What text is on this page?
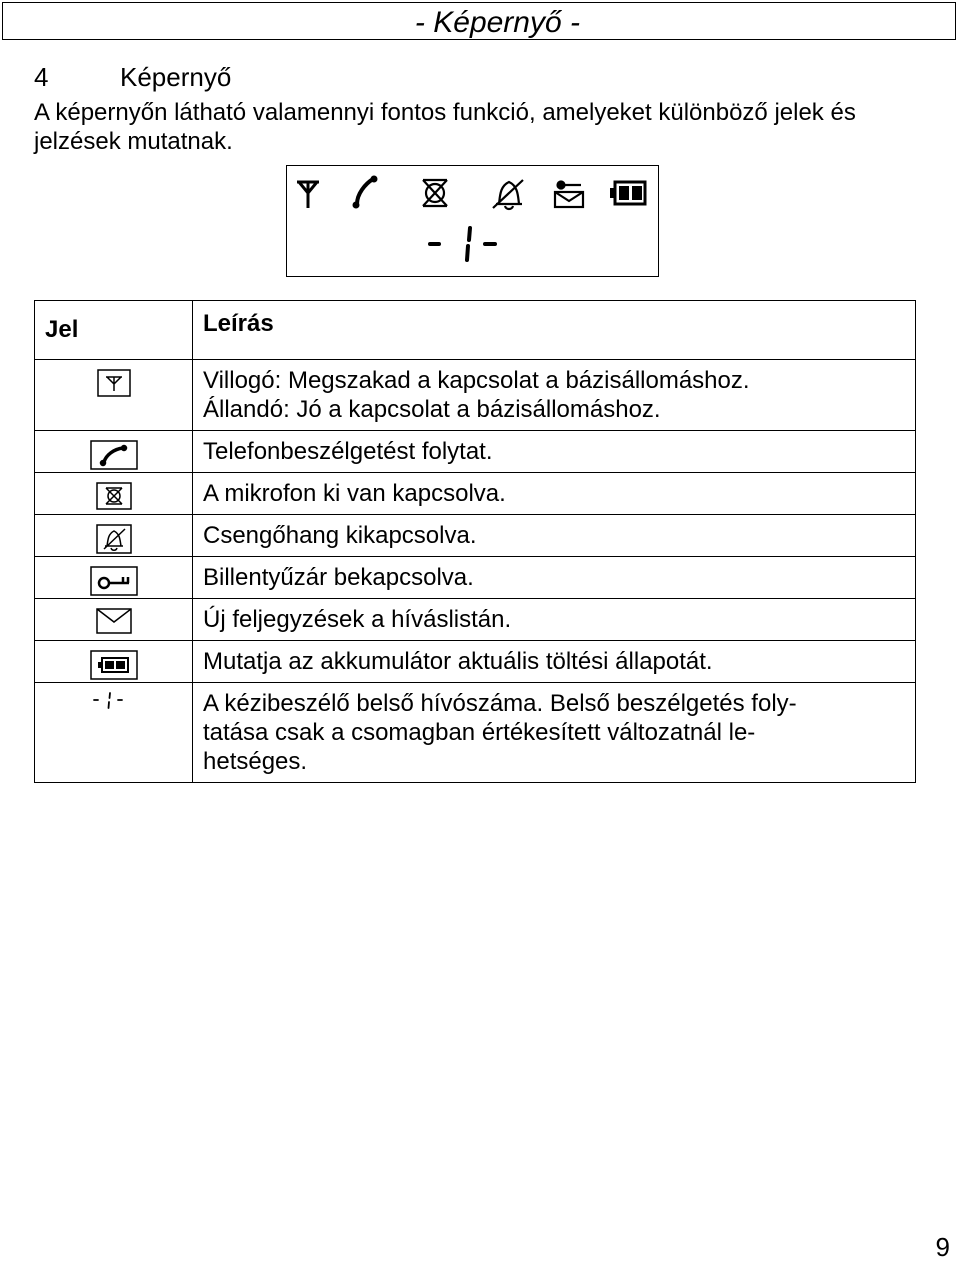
- Képernyő -
4	Képernyő
A képernyőn látható valamennyi fontos funkció, amelyeket különböző jelek és jelzések mutatnak.
Jel	Leírás

Villogó: Megszakad a kapcsolat a bázisállomáshoz.
Állandó: Jó a kapcsolat a bázisállomáshoz.

Telefonbeszélgetést folytat.

A mikrofon ki van kapcsolva.

Csengőhang kikapcsolva.

Billentyűzár bekapcsolva.

Új feljegyzések a híváslistán.

Mutatja az akkumulátor aktuális töltési állapotát.

A kézibeszélő belső hívószáma. Belső beszélgetés foly-
tatása csak a csomagban értékesített változatnál le-
hetséges.
9
